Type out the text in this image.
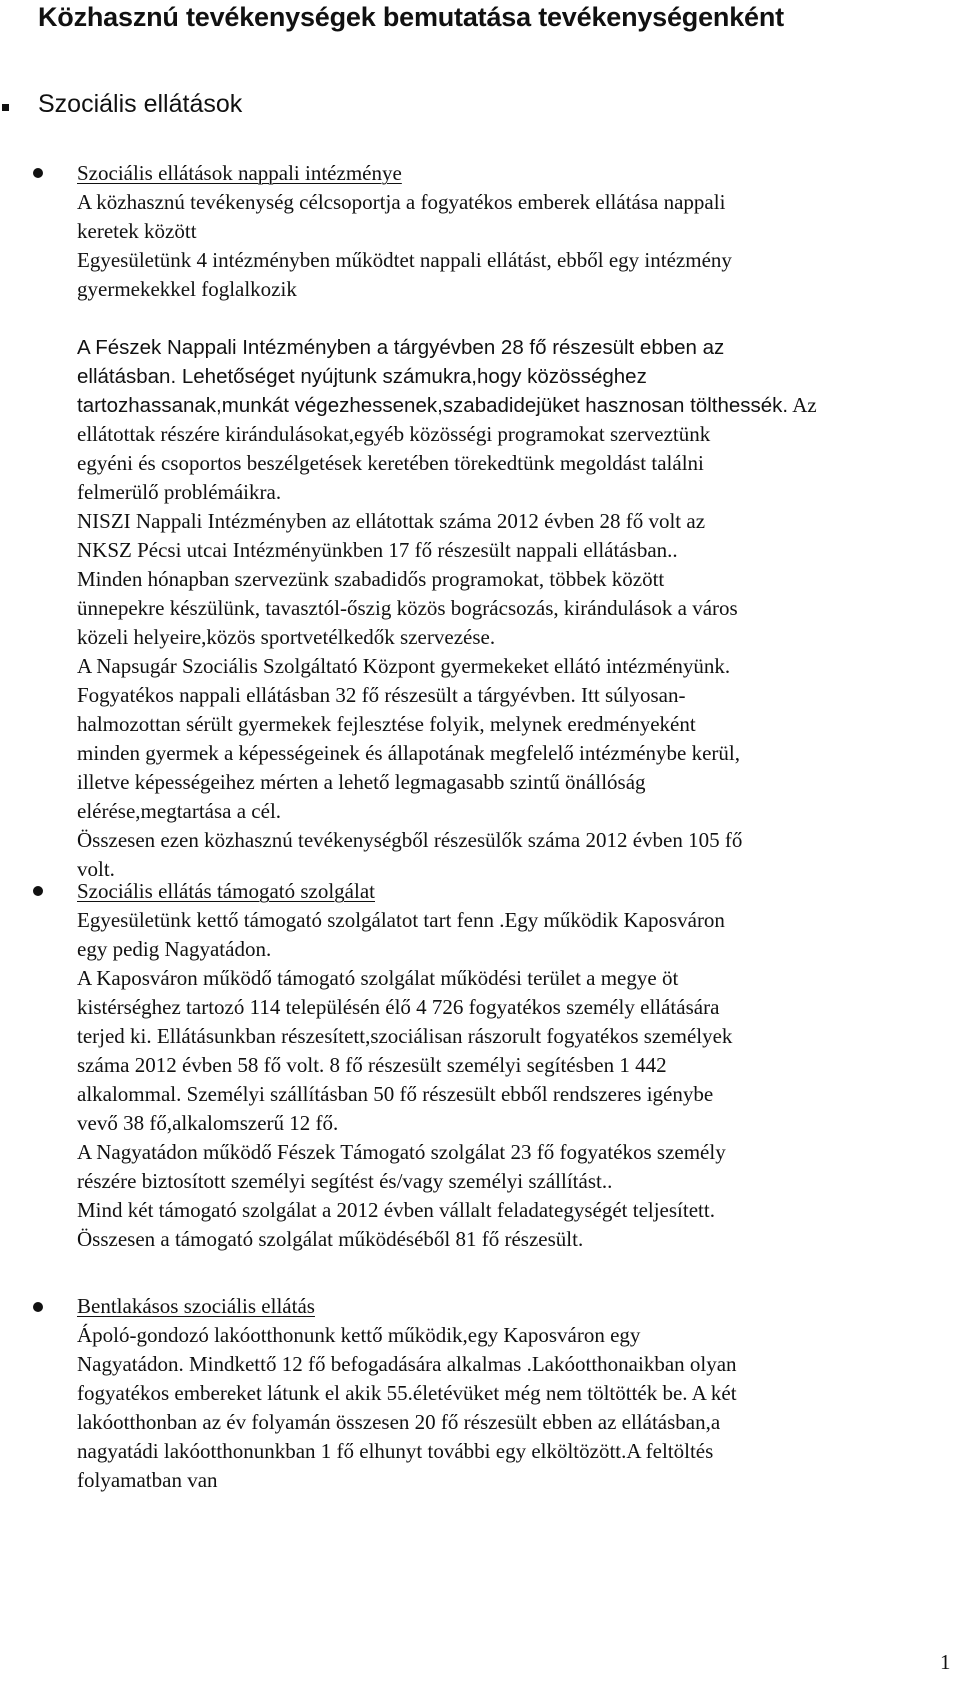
Közhasznú tevékenységek bemutatása tevékenységenként
Szociális ellátások
Szociális ellátások nappali intézménye
A közhasznú tevékenység célcsoportja a fogyatékos emberek ellátása nappali
keretek között
Egyesületünk 4 intézményben működtet nappali ellátást, ebből egy intézmény
gyermekekkel foglalkozik
A Fészek Nappali Intézményben a tárgyévben 28 fő részesült ebben az
ellátásban. Lehetőséget nyújtunk számukra,hogy közösséghez
tartozhassanak,munkát végezhessenek,szabadidejüket hasznosan tölthessék. Az
ellátottak részére kirándulásokat,egyéb közösségi programokat szerveztünk
egyéni és csoportos beszélgetések keretében törekedtünk megoldást találni
felmerülő problémáikra.
NISZI Nappali Intézményben az ellátottak száma 2012 évben 28 fő volt az
NKSZ Pécsi utcai Intézményünkben 17 fő részesült nappali ellátásban..
Minden hónapban szervezünk szabadidős programokat, többek között
ünnepekre készülünk, tavasztól-őszig közös bográcsozás, kirándulások a város
közeli helyeire,közös sportvetélkedők szervezése.
A Napsugár Szociális Szolgáltató Központ gyermekeket ellátó intézményünk.
Fogyatékos nappali ellátásban 32 fő részesült a tárgyévben. Itt súlyosan-
halmozottan sérült gyermekek fejlesztése folyik, melynek eredményeként
minden gyermek a képességeinek és állapotának megfelelő intézménybe kerül,
illetve képességeihez mérten a lehető legmagasabb szintű önállóság
elérése,megtartása a cél.
Összesen ezen közhasznú tevékenységből részesülők száma 2012 évben 105 fő
volt.
Szociális ellátás támogató szolgálat
Egyesületünk kettő támogató szolgálatot tart fenn .Egy működik Kaposváron
egy pedig Nagyatádon.
A Kaposváron működő támogató szolgálat működési terület a megye öt
kistérséghez tartozó 114 településén élő 4 726 fogyatékos személy ellátására
terjed ki. Ellátásunkban részesített,szociálisan rászorult fogyatékos személyek
száma 2012 évben 58 fő volt. 8 fő részesült személyi segítésben 1 442
alkalommal. Személyi szállításban 50 fő részesült ebből rendszeres igénybe
vevő 38 fő,alkalomszerű 12 fő.
A Nagyatádon működő Fészek Támogató szolgálat 23 fő fogyatékos személy
részére biztosított személyi segítést és/vagy személyi szállítást..
Mind két támogató szolgálat a 2012 évben vállalt feladategységét teljesített.
Összesen a támogató szolgálat működéséből 81 fő részesült.
Bentlakásos szociális ellátás
Ápoló-gondozó lakóotthonunk kettő működik,egy Kaposváron egy
Nagyatádon. Mindkettő 12 fő befogadására alkalmas .Lakóotthonaikban olyan
fogyatékos embereket látunk el akik 55.életévüket még nem töltötték be. A két
lakóotthonban az év folyamán összesen 20 fő részesült ebben az ellátásban,a
nagyatádi lakóotthonunkban 1 fő elhunyt további egy elköltözött.A feltöltés
folyamatban van
1
